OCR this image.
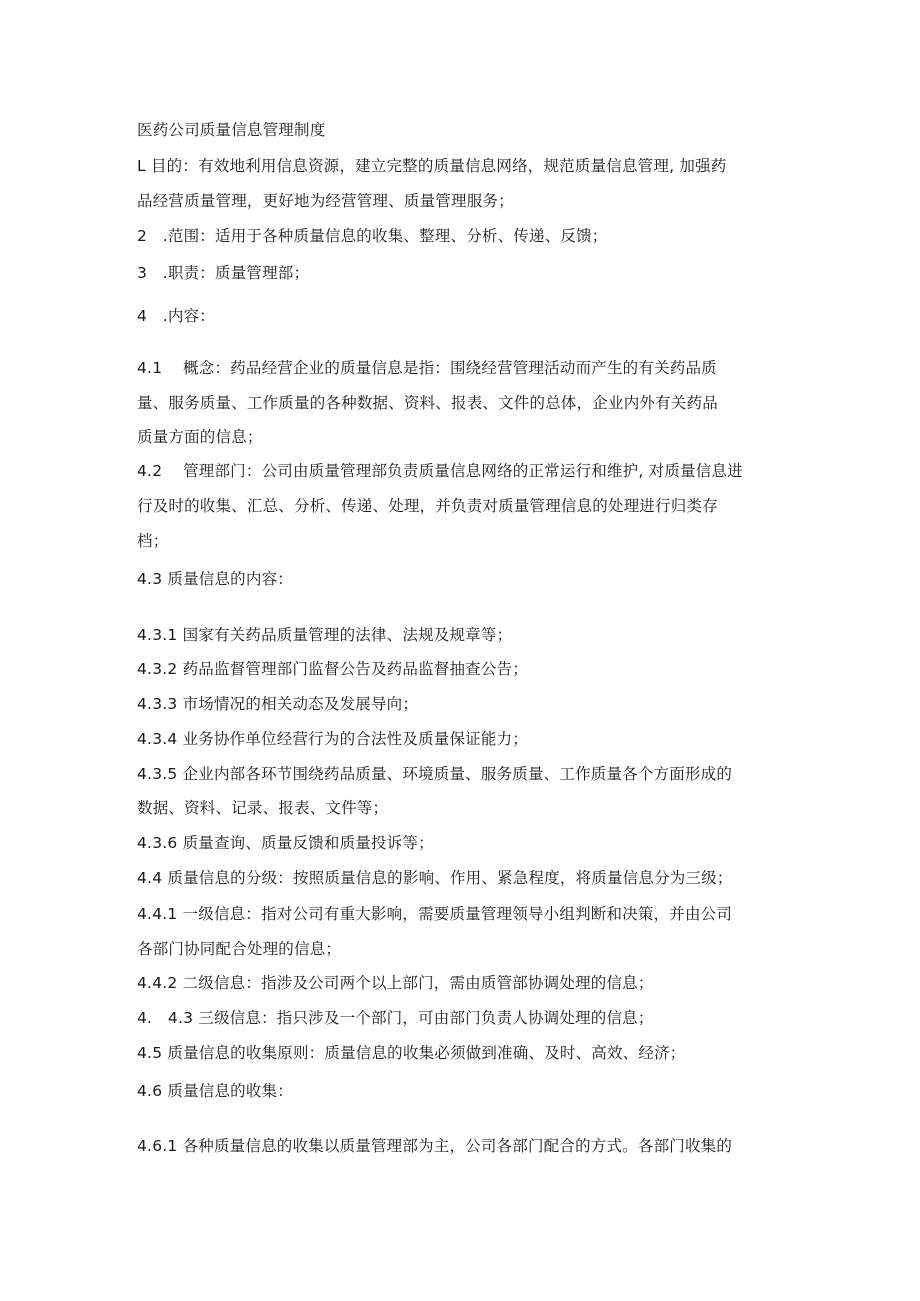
医药公司质量信息管理制度
L 目的：有效地利用信息资源，建立完整的质量信息网络，规范质量信息管理, 加强药
品经营质量管理，更好地为经营管理、质量管理服务；
2　.范围：适用于各种质量信息的收集、整理、分析、传递、反馈；
3　.职责：质量管理部；
4　.内容：
4.1　 概念：药品经营企业的质量信息是指：围绕经营管理活动而产生的有关药品质
量、服务质量、工作质量的各种数据、资料、报表、文件的总体，企业内外有关药品
质量方面的信息；
4.2　 管理部门：公司由质量管理部负责质量信息网络的正常运行和维护, 对质量信息进
行及时的收集、汇总、分析、传递、处理，并负责对质量管理信息的处理进行归类存
档；
4.3 质量信息的内容：
4.3.1 国家有关药品质量管理的法律、法规及规章等；
4.3.2 药品监督管理部门监督公告及药品监督抽查公告；
4.3.3 市场情况的相关动态及发展导向；
4.3.4 业务协作单位经营行为的合法性及质量保证能力；
4.3.5 企业内部各环节围绕药品质量、环境质量、服务质量、工作质量各个方面形成的
数据、资料、记录、报表、文件等；
4.3.6 质量查询、质量反馈和质量投诉等；
4.4 质量信息的分级：按照质量信息的影响、作用、紧急程度，将质量信息分为三级；
4.4.1 一级信息：指对公司有重大影响，需要质量管理领导小组判断和决策，并由公司
各部门协同配合处理的信息；
4.4.2 二级信息：指涉及公司两个以上部门，需由质管部协调处理的信息；
4.　4.3 三级信息：指只涉及一个部门，可由部门负责人协调处理的信息；
4.5 质量信息的收集原则：质量信息的收集必须做到准确、及时、高效、经济；
4.6 质量信息的收集：
4.6.1 各种质量信息的收集以质量管理部为主，公司各部门配合的方式。各部门收集的
